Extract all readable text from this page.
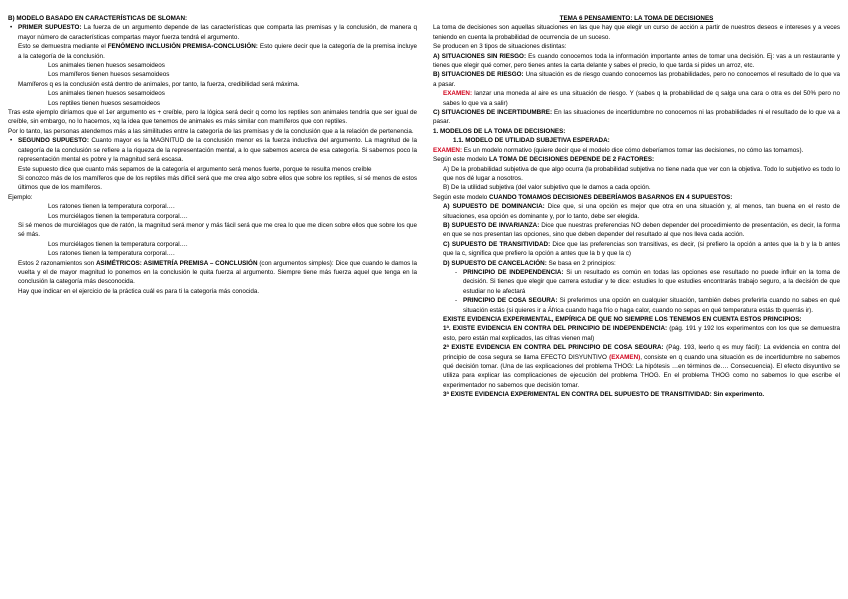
B) MODELO BASADO EN CARACTERÍSTICAS DE SLOMAN:

PRIMER SUPUESTO: La fuerza de un argumento depende de las características que comparta las premisas y la conclusión, de manera q mayor número de características compartas mayor fuerza tendrá el argumento.

Esto se demuestra mediante el FENÓMENO INCLUSIÓN PREMISA-CONCLUSIÓN: Esto quiere decir que la categoría de la premisa incluye a la categoría de la conclusión.

Los animales tienen huesos sesamoideos

Los mamíferos tienen huesos sesamoideos

Mamíferos q es la conclusión está dentro de animales, por tanto, la fuerza, credibilidad será máxima.

Los animales tienen huesos sesamoideos

Los reptiles tienen huesos sesamoideos

Tras este ejemplo diríamos que el 1er argumento es + creíble, pero la lógica será decir q como los reptiles son animales tendría que ser igual de creíble, sin embargo, no lo hacemos, xq la idea que tenemos de animales es más similar con mamíferos que con reptiles.

Por lo tanto, las personas atendemos más a las similitudes entre la categoría de las premisas y de la conclusión que a la relación de pertenencia.

SEGUNDO SUPUESTO: Cuanto mayor es la MAGNITUD de la conclusión menor es la fuerza inductiva del argumento. La magnitud de la categoría de la conclusión se refiere a la riqueza de la representación mental, a lo que sabemos acerca de esa categoría. Si sabemos poco la representación mental es pobre y la magnitud será escasa.

Este supuesto dice que cuanto más sepamos de la categoría el argumento será menos fuerte, porque te resulta menos creíble

Si conozco más de los mamíferos que de los reptiles más difícil será que me crea algo sobre ellos que sobre los reptiles, sí sé menos de estos últimos que de los mamíferos.

Ejemplo:

Los ratones tienen la temperatura corporal….

Los murciélagos tienen la temperatura corporal….

Si sé menos de murciélagos que de ratón, la magnitud será menor y más fácil será que me crea lo que me dicen sobre ellos que sobre los que sé más.

Los murciélagos tienen la temperatura corporal….

Los ratones tienen la temperatura corporal….

Estos 2 razonamientos son ASIMÉTRICOS: ASIMETRÍA PREMISA – CONCLUSIÓN (con argumentos simples): Dice que cuando le damos la vuelta y el de mayor magnitud lo ponemos en la conclusión le quita fuerza al argumento. Siempre tiene más fuerza aquel que tenga en la conclusión la categoría más desconocida.

Hay que indicar en el ejercicio de la práctica cuál es para ti la categoría más conocida.

TEMA 6 PENSAMIENTO: LA TOMA DE DECISIONES

La toma de decisiones son aquellas situaciones en las que hay que elegir un curso de acción a partir de nuestros deseos e intereses y a veces teniendo en cuenta la probabilidad de ocurrencia de un suceso.

Se producen en 3 tipos de situaciones distintas:

A) SITUACIONES SIN RIESGO: Es cuando conocemos toda la información importante antes de tomar una decisión. Ej: vas a un restaurante y tienes que elegir qué comer, pero tienes antes la carta delante y sabes el precio, lo que tarda si pides un arroz, etc.

B) SITUACIONES DE RIESGO: Una situación es de riesgo cuando conocemos las probabilidades, pero no conocemos el resultado de lo que va a pasar.

EXAMEN: lanzar una moneda al aire es una situación de riesgo. Y (sabes q la probabilidad de q salga una cara o otra es del 50% pero no sabes lo que va a salir)

C) SITUACIONES DE INCERTIDUMBRE: En las situaciones de incertidumbre no conocemos ni las probabilidades ni el resultado de lo que va a pasar.

1. MODELOS DE LA TOMA DE DECISIONES:

1.1. MODELO DE UTILIDAD SUBJETIVA ESPERADA:

EXAMEN: Es un modelo normativo (quiere decir que el modelo dice cómo deberíamos tomar las decisiones, no cómo las tomamos).

Según este modelo LA TOMA DE DECISIONES DEPENDE DE 2 FACTORES:

A) De la probabilidad subjetiva de que algo ocurra (la probabilidad subjetiva no tiene nada que ver con la objetiva. Todo lo subjetivo es todo lo que nos dé lugar a nosotros.

B) De la utilidad subjetiva (del valor subjetivo que le damos a cada opción.

Según este modelo CUANDO TOMAMOS DECISIONES DEBERÍAMOS BASARNOS EN 4 SUPUESTOS:

A) SUPUESTO DE DOMINANCIA: Dice que, si una opción es mejor que otra en una situación y, al menos, tan buena en el resto de situaciones, esa opción es dominante y, por lo tanto, debe ser elegida.

B) SUPUESTO DE INVARIANZA: Dice que nuestras preferencias NO deben depender del procedimiento de presentación, es decir, la forma en que se nos presentan las opciones, sino que deben depender del resultado al que nos lleva cada acción.

C) SUPUESTO DE TRANSITIVIDAD: Dice que las preferencias son transitivas, es decir, (si prefiero la opción a antes que la b y la b antes que la c, significa que prefiero la opción a antes que la b y que la c)

D) SUPUESTO DE CANCELACIÓN: Se basa en 2 principios:

- PRINCIPIO DE INDEPENDENCIA: Si un resultado es común en todas las opciones ese resultado no puede influir en la toma de decisión. Si tienes que elegir que carrera estudiar y te dice: estudies lo que estudies encontrarás trabajo seguro, a la decisión de que estudiar no le afectará

- PRINCIPIO DE COSA SEGURA: Si preferimos una opción en cualquier situación, también debes preferirla cuando no sabes en qué situación estás (si quieres ir a África cuando haga frío o haga calor, cuando no sepas en qué temperatura estás tb querrás ir).

EXISTE EVIDENCIA EXPERIMENTAL, EMPÍRICA DE QUE NO SIEMPRE LOS TENEMOS EN CUENTA ESTOS PRINCIPIOS:

1ª. EXISTE EVIDENCIA EN CONTRA DEL PRINCIPIO DE INDEPENDENCIA: (pág. 191 y 192 los experimentos con los que se demuestra esto, pero están mal explicados, las cifras vienen mal)

2ª EXISTE EVIDENCIA EN CONTRA DEL PRINCIPIO DE COSA SEGURA: (Pág. 193, leerlo q es muy fácil): La evidencia en contra del principio de cosa segura se llama EFECTO DISYUNTIVO (EXAMEN), consiste en q cuando una situación es de incertidumbre no sabemos qué decisión tomar. (Una de las explicaciones del problema THOG: La hipótesis …en términos de…. Consecuencia). El efecto disyuntivo se utiliza para explicar las complicaciones de ejecución del problema THOG. En el problema THOG como no sabemos lo que escribe el experimentador no sabemos que decisión tomar.

3ª EXISTE EVIDENCIA EXPERIMENTAL EN CONTRA DEL SUPUESTO DE TRANSITIVIDAD: Sin experimento.
